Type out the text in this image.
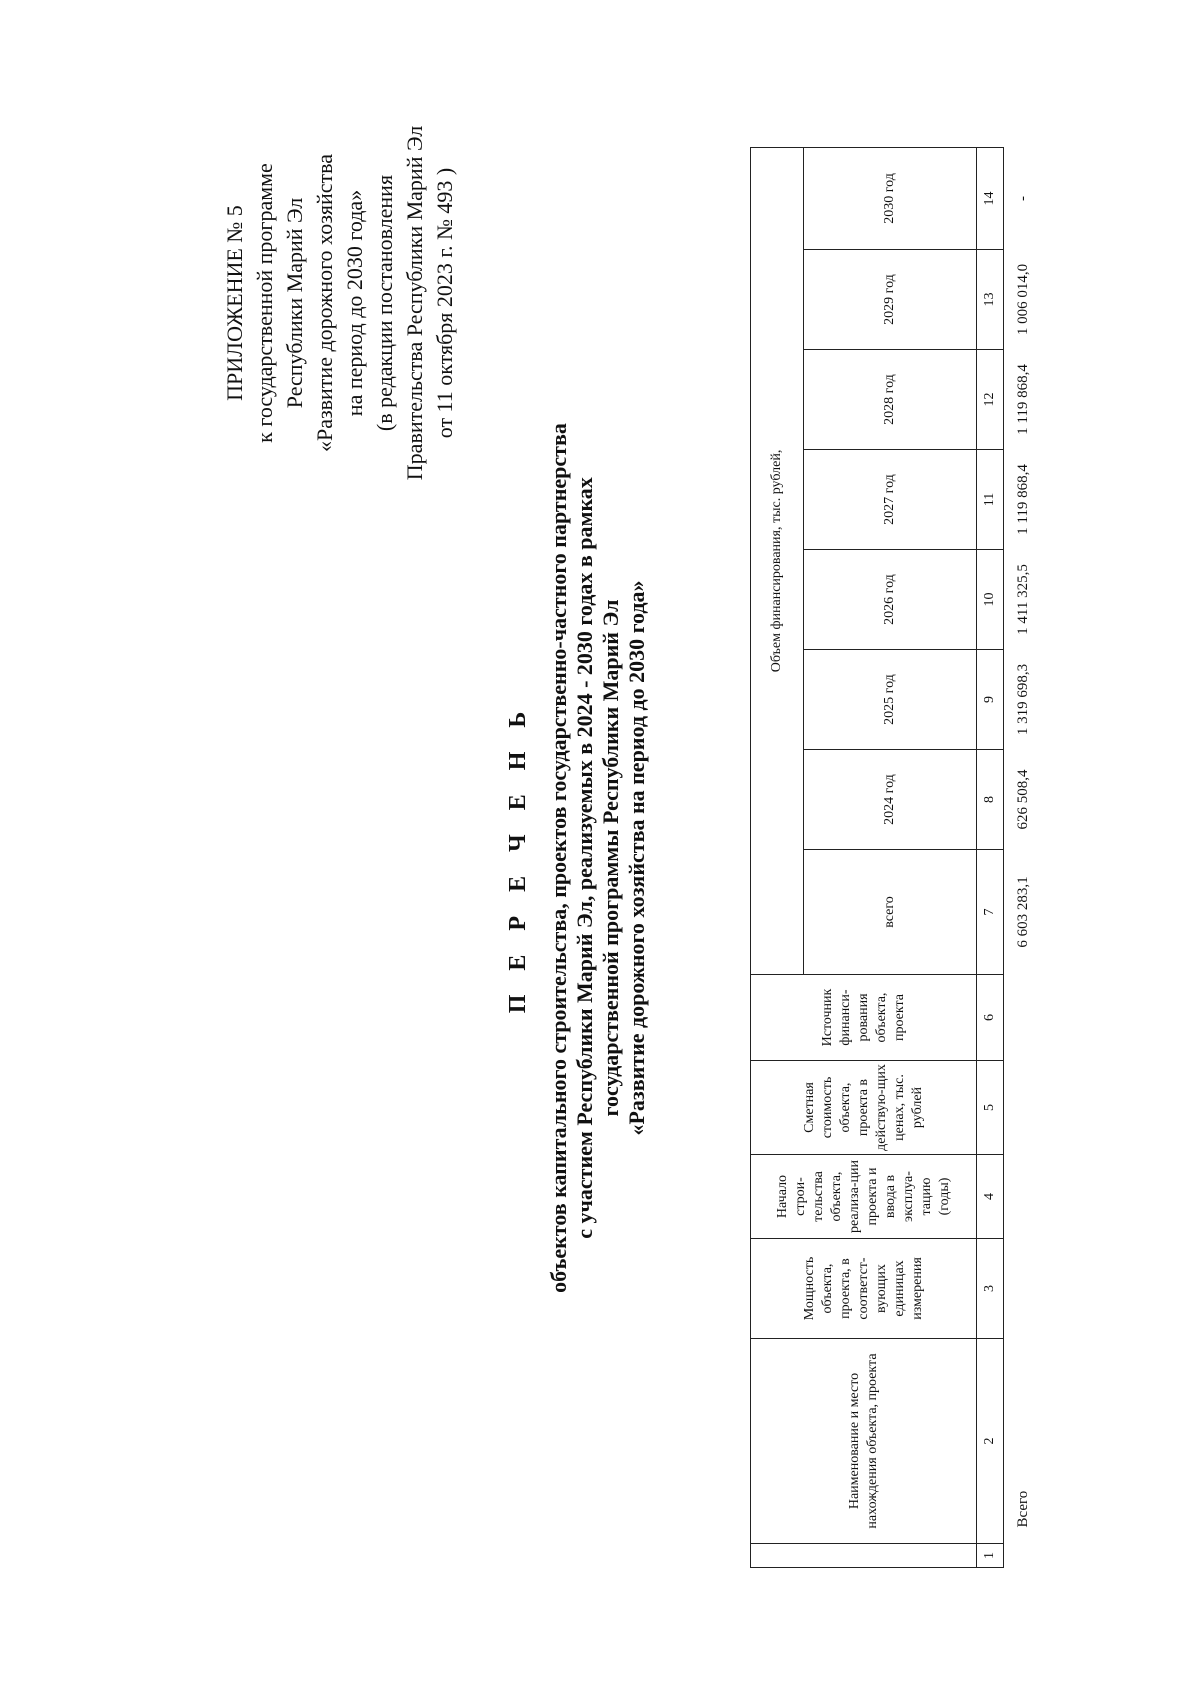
ПРИЛОЖЕНИЕ № 5 к государственной программе Республики Марий Эл «Развитие дорожного хозяйства на период до 2030 года» (в редакции постановления Правительства Республики Марий Эл от 11 октября 2023 г. № 493 )
П Е Р Е Ч Е Н Ь объектов капитального строительства, проектов государственно-частного партнерства с участием Республики Марий Эл, реализуемых в 2024 - 2030 годах в рамках государственной программы Республики Марий Эл «Развитие дорожного хозяйства на период до 2030 года»
	Наименование и место нахождения объекта, проекта	Мощность объекта, проекта, в соответст-вующих единицах измерения	Начало строи-тельства объекта, реализа-ции проекта и ввода в эксплуа-тацию (годы)	Сметная стоимость объекта, проекта в действую-щих ценах, тыс. рублей	Источник финанси-рования объекта, проекта	Объем финансирования, тыс. рублей,							
						всего	2024 год	2025 год	2026 год	2027 год	2028 год	2029 год	2030 год
1	2	3	4	5	6	7	8	9	10	11	12	13	14
Всего						6 603 283,1	626 508,4	1 319 698,3	1 411 325,5	1 119 868,4	1 119 868,4	1 006 014,0	-
